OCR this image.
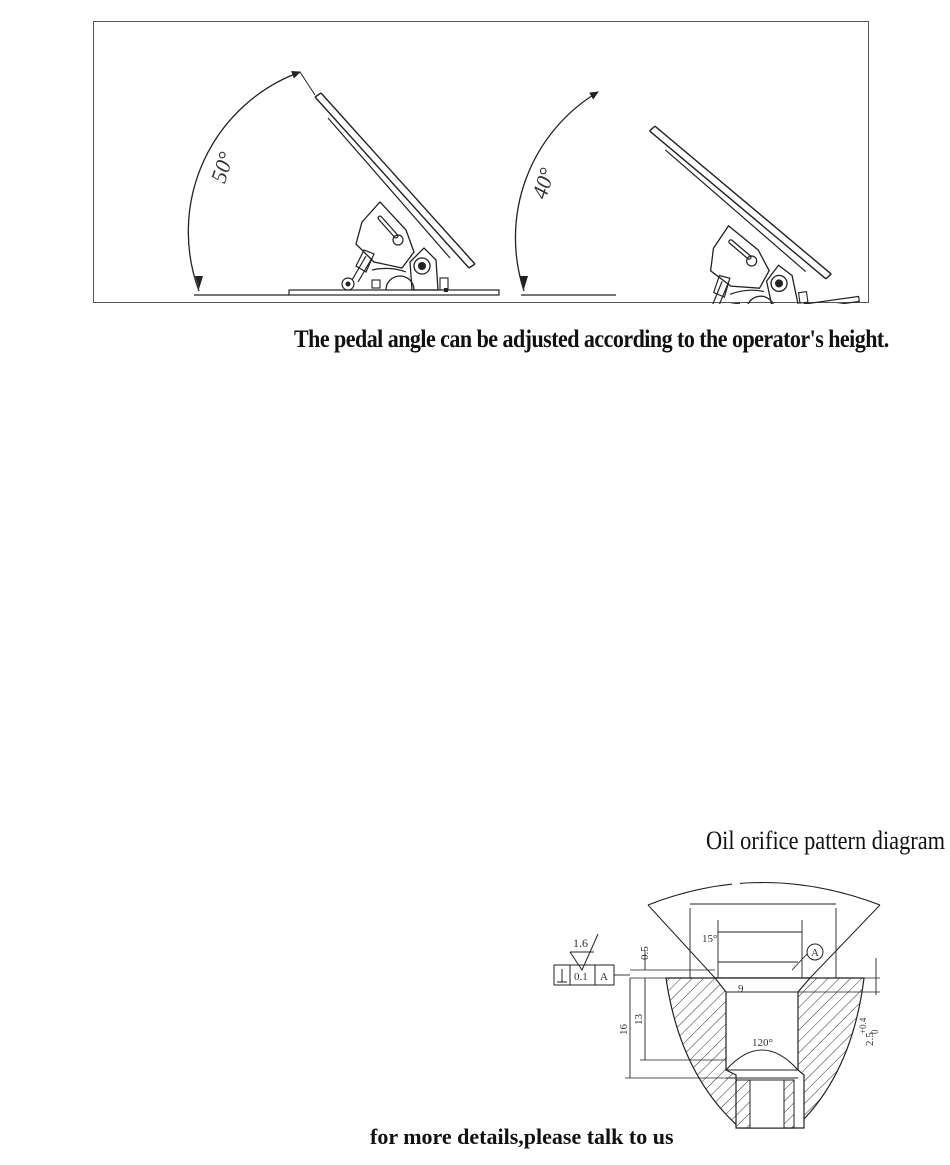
50°	40°
The pedal angle can be adjusted according to the operator's height.
Oil orifice pattern diagram
1.6
0.1 A
A
0.5
13
16
15°
9
120°	2.5
+0.4 0
for more details,please talk to us
